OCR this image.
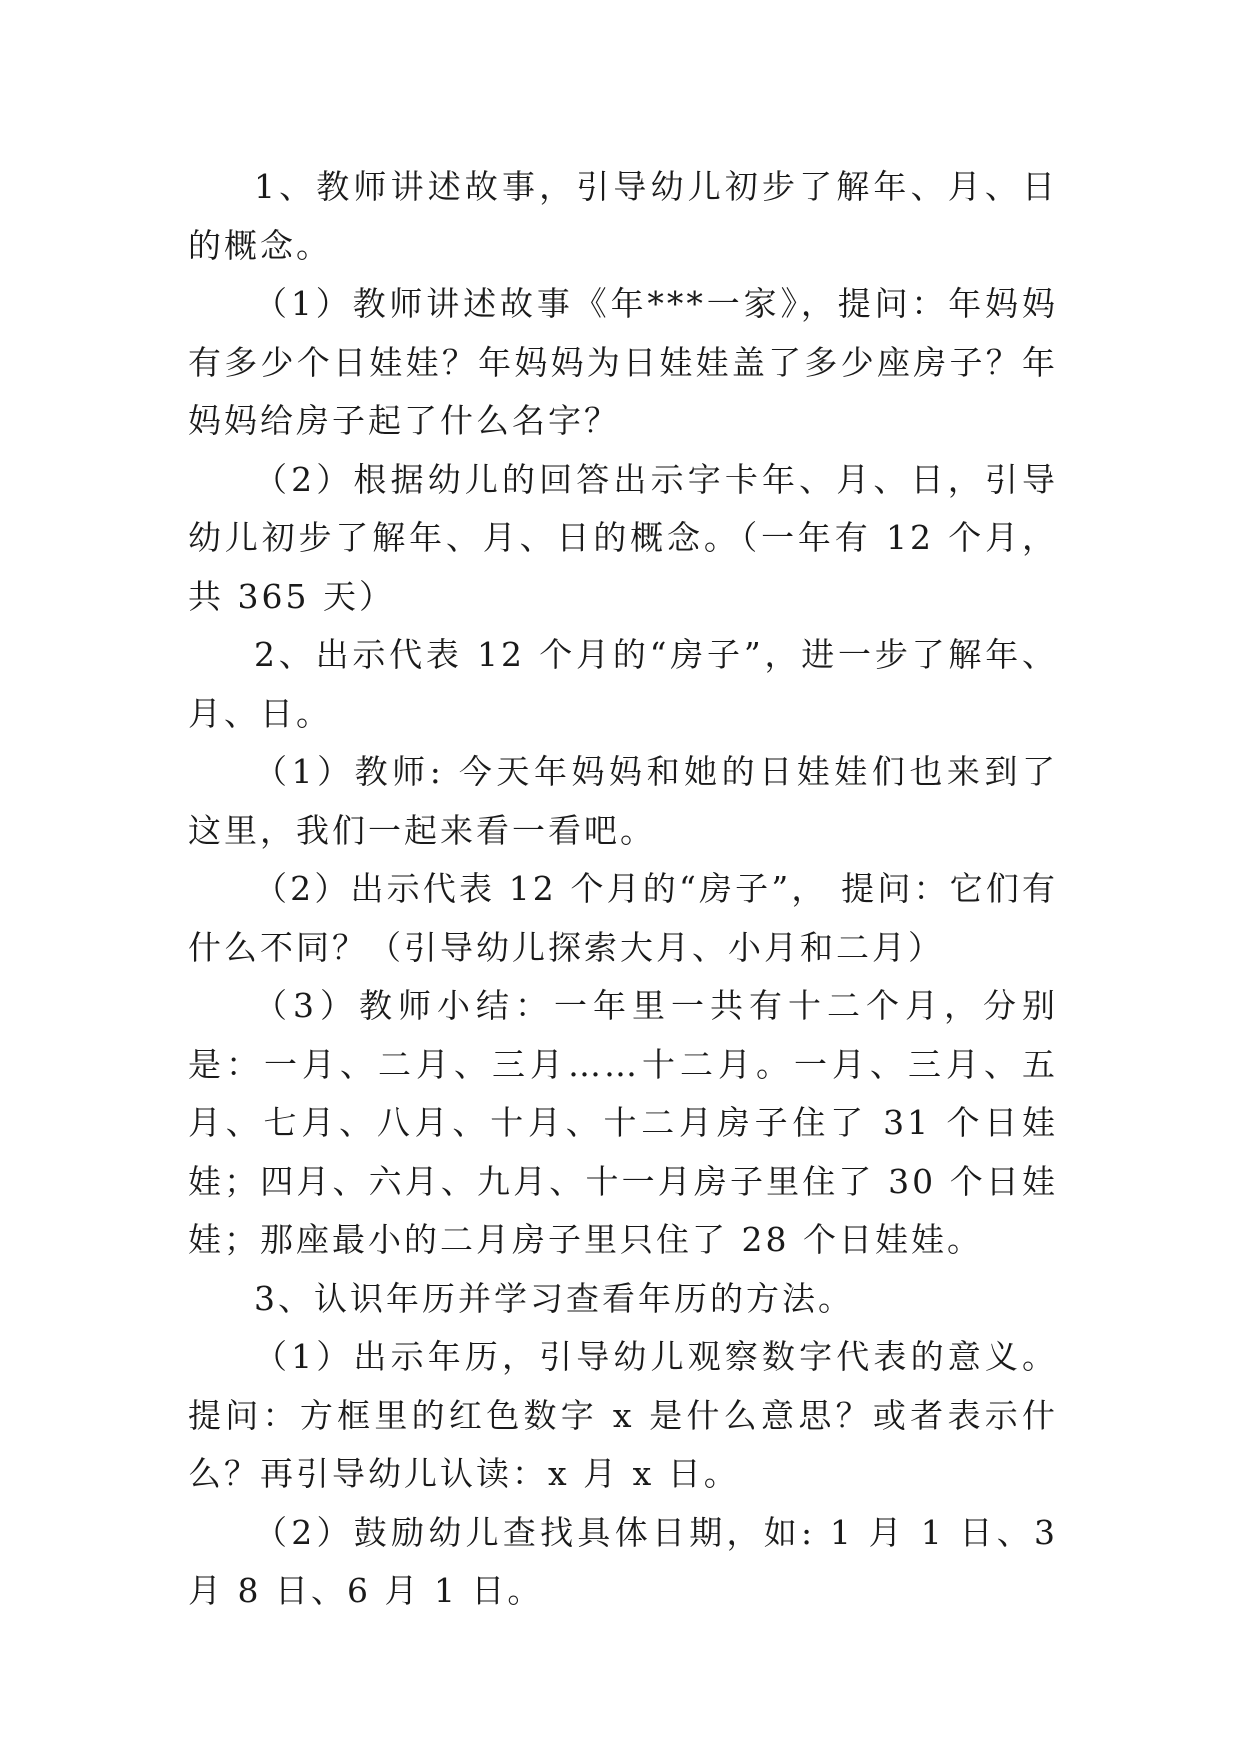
1、教师讲述故事，引导幼儿初步了解年、月、日的概念。

（1）教师讲述故事《年***一家》，提问：年妈妈有多少个日娃娃？年妈妈为日娃娃盖了多少座房子？年妈妈给房子起了什么名字？

（2）根据幼儿的回答出示字卡年、月、日，引导幼儿初步了解年、月、日的概念。（一年有 12 个月，共 365 天）

2、出示代表 12 个月的“房子”，进一步了解年、月、日。

（1）教师: 今天年妈妈和她的日娃娃们也来到了这里，我们一起来看一看吧。

（2）出示代表 12 个月的“房子”， 提问：它们有什么不同？（引导幼儿探索大月、小月和二月）

（3）教师小结：一年里一共有十二个月，分别是：一月、二月、三月……十二月。一月、三月、五月、七月、八月、十月、十二月房子住了 31 个日娃娃；四月、六月、九月、十一月房子里住了 30 个日娃娃；那座最小的二月房子里只住了 28 个日娃娃。

3、认识年历并学习查看年历的方法。

（1）出示年历，引导幼儿观察数字代表的意义。提问：方框里的红色数字 x 是什么意思？或者表示什么？再引导幼儿认读：x 月 x 日。

（2）鼓励幼儿查找具体日期，如: 1 月 1 日、3 月 8 日、6 月 1 日。
